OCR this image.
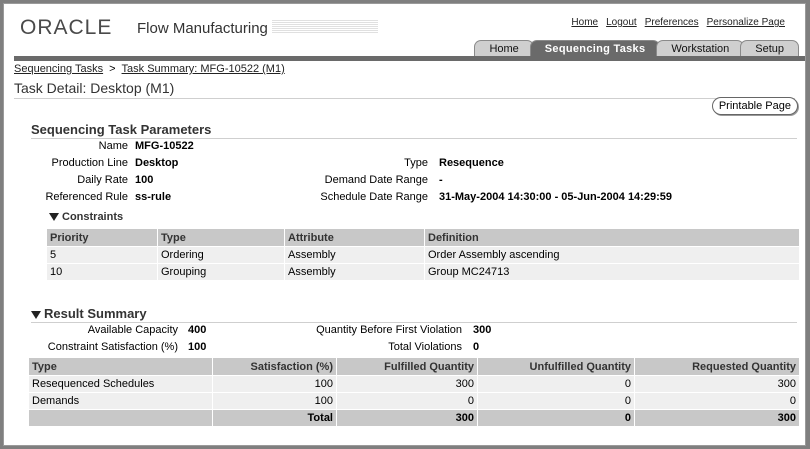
ORACLE Flow Manufacturing	Home Logout Preferences Personalize Page
Home	Sequencing Tasks	Workstation	Setup
Sequencing Tasks > Task Summary: MFG-10522 (M1)
Task Detail: Desktop (M1)
Printable Page
Sequencing Task Parameters
Name MFG-10522
Production Line Desktop
Daily Rate 100
Referenced Rule ss-rule
Type Resequence
Demand Date Range -
Schedule Date Range 31-May-2004 14:30:00 - 05-Jun-2004 14:29:59
Constraints
Priority	Type	Attribute	Definition
5	Ordering	Assembly	Order Assembly ascending
10	Grouping	Assembly	Group MC24713
Result Summary
Available Capacity 400
Constraint Satisfaction (%) 100
Quantity Before First Violation 300
Total Violations 0
Type	Satisfaction (%)	Fulfilled Quantity	Unfulfilled Quantity	Requested Quantity
Resequenced Schedules	100	300	0	300
Demands	100	0	0	0
	Total	300	0	300
